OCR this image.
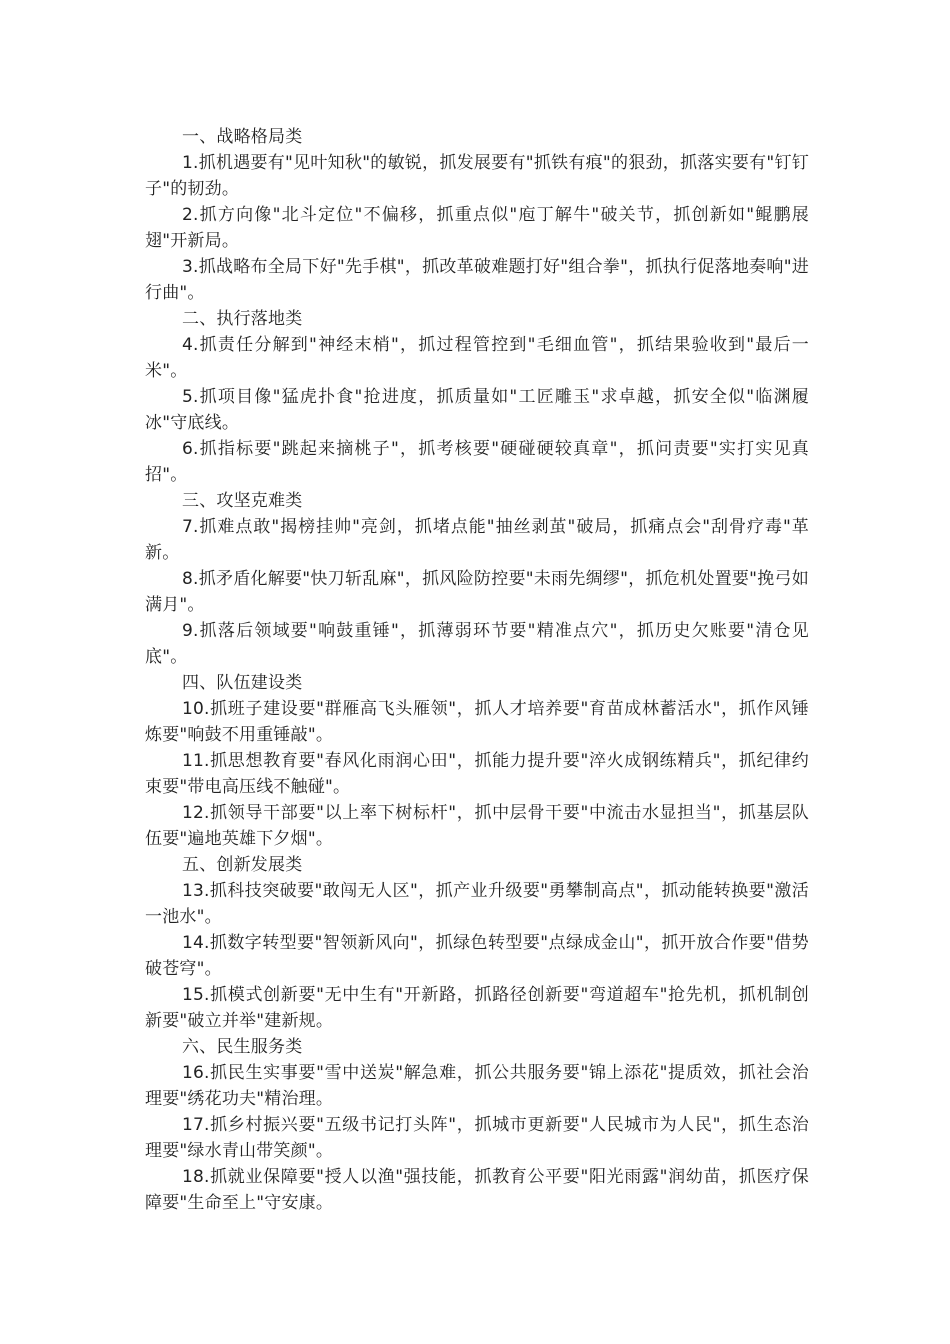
一、战略格局类

1.抓机遇要有"见叶知秋"的敏锐，抓发展要有"抓铁有痕"的狠劲，抓落实要有"钉钉子"的韧劲。

2.抓方向像"北斗定位"不偏移，抓重点似"庖丁解牛"破关节，抓创新如"鲲鹏展翅"开新局。

3.抓战略布全局下好"先手棋"，抓改革破难题打好"组合拳"，抓执行促落地奏响"进行曲"。

二、执行落地类

4.抓责任分解到"神经末梢"，抓过程管控到"毛细血管"，抓结果验收到"最后一米"。

5.抓项目像"猛虎扑食"抢进度，抓质量如"工匠雕玉"求卓越，抓安全似"临渊履冰"守底线。

6.抓指标要"跳起来摘桃子"，抓考核要"硬碰硬较真章"，抓问责要"实打实见真招"。

三、攻坚克难类

7.抓难点敢"揭榜挂帅"亮剑，抓堵点能"抽丝剥茧"破局，抓痛点会"刮骨疗毒"革新。

8.抓矛盾化解要"快刀斩乱麻"，抓风险防控要"未雨先绸缪"，抓危机处置要"挽弓如满月"。

9.抓落后领域要"响鼓重锤"，抓薄弱环节要"精准点穴"，抓历史欠账要"清仓见底"。

四、队伍建设类

10.抓班子建设要"群雁高飞头雁领"，抓人才培养要"育苗成林蓄活水"，抓作风锤炼要"响鼓不用重锤敲"。

11.抓思想教育要"春风化雨润心田"，抓能力提升要"淬火成钢练精兵"，抓纪律约束要"带电高压线不触碰"。

12.抓领导干部要"以上率下树标杆"，抓中层骨干要"中流击水显担当"，抓基层队伍要"遍地英雄下夕烟"。

五、创新发展类

13.抓科技突破要"敢闯无人区"，抓产业升级要"勇攀制高点"，抓动能转换要"激活一池水"。

14.抓数字转型要"智领新风向"，抓绿色转型要"点绿成金山"，抓开放合作要"借势破苍穹"。

15.抓模式创新要"无中生有"开新路，抓路径创新要"弯道超车"抢先机，抓机制创新要"破立并举"建新规。

六、民生服务类

16.抓民生实事要"雪中送炭"解急难，抓公共服务要"锦上添花"提质效，抓社会治理要"绣花功夫"精治理。

17.抓乡村振兴要"五级书记打头阵"，抓城市更新要"人民城市为人民"，抓生态治理要"绿水青山带笑颜"。

18.抓就业保障要"授人以渔"强技能，抓教育公平要"阳光雨露"润幼苗，抓医疗保障要"生命至上"守安康。
